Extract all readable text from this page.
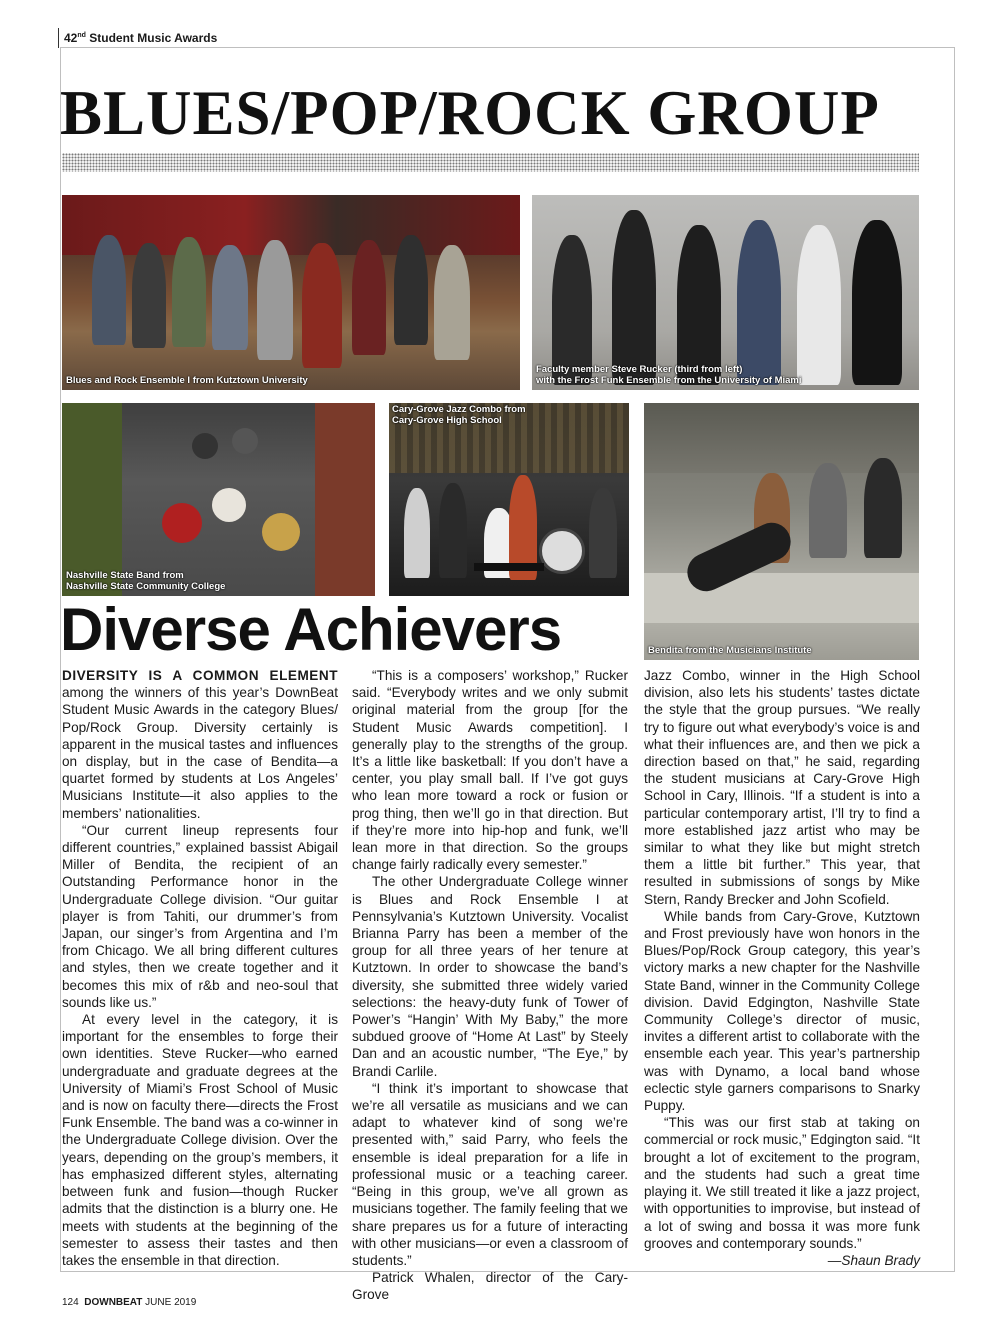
42nd Student Music Awards
BLUES/POP/ROCK GROUP
Blues and Rock Ensemble I from Kutztown University
Faculty member Steve Rucker (third from left)
with the Frost Funk Ensemble from the University of Miami
Nashville State Band from
Nashville State Community College
Cary-Grove Jazz Combo from
Cary-Grove High School
Bendita from the Musicians Institute
Diverse Achievers

DIVERSITY IS A COMMON ELEMENT among the winners of this year’s DownBeat Student Music Awards in the category Blues/ Pop/Rock Group. Diversity certainly is apparent in the musical tastes and influences on display, but in the case of Bendita—a quartet formed by students at Los Angeles’ Musicians Institute—it also applies to the members’ nationalities.

“Our current lineup represents four different countries,” explained bassist Abigail Miller of Bendita, the recipient of an Outstanding Performance honor in the Undergraduate College division. “Our guitar player is from Tahiti, our drummer’s from Japan, our singer’s from Argentina and I’m from Chicago. We all bring different cultures and styles, then we create together and it becomes this mix of r&b and neo-soul that sounds like us.”

At every level in the category, it is important for the ensembles to forge their own identities. Steve Rucker—who earned undergraduate and graduate degrees at the University of Miami’s Frost School of Music and is now on faculty there—directs the Frost Funk Ensemble. The band was a co-winner in the Undergraduate College division. Over the years, depending on the group’s members, it has emphasized different styles, alternating between funk and fusion—though Rucker admits that the distinction is a blurry one. He meets with students at the beginning of the semester to assess their tastes and then takes the ensemble in that direction.

“This is a composers’ workshop,” Rucker said. “Everybody writes and we only submit original material from the group [for the Student Music Awards competition]. I generally play to the strengths of the group. It’s a little like basketball: If you don’t have a center, you play small ball. If I’ve got guys who lean more toward a rock or fusion or prog thing, then we’ll go in that direction. But if they’re more into hip-hop and funk, we’ll lean more in that direction. So the groups change fairly radically every semester.”

The other Undergraduate College winner is Blues and Rock Ensemble I at Pennsylvania’s Kutztown University. Vocalist Brianna Parry has been a member of the group for all three years of her tenure at Kutztown. In order to showcase the band’s diversity, she submitted three widely varied selections: the heavy-duty funk of Tower of Power’s “Hangin’ With My Baby,” the more subdued groove of “Home At Last” by Steely Dan and an acoustic number, “The Eye,” by Brandi Carlile.

“I think it’s important to showcase that we’re all versatile as musicians and we can adapt to whatever kind of song we’re presented with,” said Parry, who feels the ensemble is ideal preparation for a life in professional music or a teaching career. “Being in this group, we’ve all grown as musicians together. The family feeling that we share prepares us for a future of interacting with other musicians—or even a classroom of students.”

Patrick Whalen, director of the Cary-Grove

Jazz Combo, winner in the High School division, also lets his students’ tastes dictate the style that the group pursues. “We really try to figure out what everybody’s voice is and what their influences are, and then we pick a direction based on that,” he said, regarding the student musicians at Cary-Grove High School in Cary, Illinois. “If a student is into a particular contemporary artist, I’ll try to find a more established jazz artist who may be similar to what they like but might stretch them a little bit further.” This year, that resulted in submissions of songs by Mike Stern, Randy Brecker and John Scofield.

While bands from Cary-Grove, Kutztown and Frost previously have won honors in the Blues/Pop/Rock Group category, this year’s victory marks a new chapter for the Nashville State Band, winner in the Community College division. David Edgington, Nashville State Community College’s director of music, invites a different artist to collaborate with the ensemble each year. This year’s partnership was with Dynamo, a local band whose eclectic style garners comparisons to Snarky Puppy.

“This was our first stab at taking on commercial or rock music,” Edgington said. “It brought a lot of excitement to the program, and the students had such a great time playing it. We still treated it like a jazz project, with opportunities to improvise, but instead of a lot of swing and bossa it was more funk grooves and contemporary sounds.”

—Shaun Brady
124 DOWNBEAT JUNE 2019
